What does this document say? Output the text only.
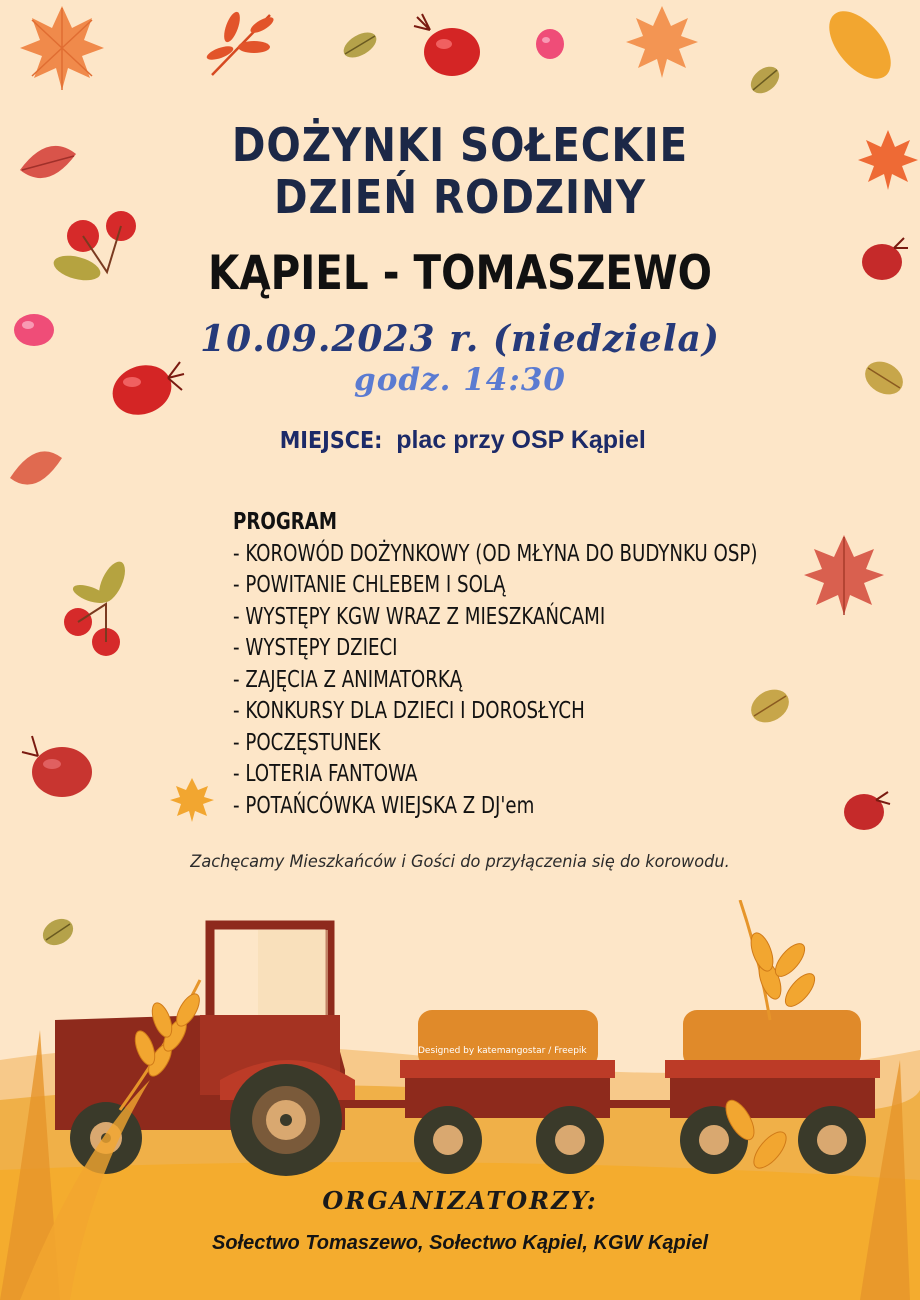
DOŻYNKI SOŁECKIE
DZIEŃ RODZINY
KĄPIEL - TOMASZEWO

10.09.2023 r. (niedziela)

godz. 14:30

MIEJSCE: plac przy OSP Kąpiel

PROGRAM
- KOROWÓD DOŻYNKOWY (OD MŁYNA DO BUDYNKU OSP)
- POWITANIE CHLEBEM I SOLĄ
- WYSTĘPY KGW WRAZ Z MIESZKAŃCAMI
- WYSTĘPY DZIECI
- ZAJĘCIA Z ANIMATORKĄ
- KONKURSY DLA DZIECI I DOROSŁYCH
- POCZĘSTUNEK
- LOTERIA FANTOWA
- POTAŃCÓWKA WIEJSKA Z DJ'em

Zachęcamy Mieszkańców i Gości do przyłączenia się do korowodu.

Designed by katemangostar / Freepik

ORGANIZATORZY:

Sołectwo Tomaszewo, Sołectwo Kąpiel, KGW Kąpiel
